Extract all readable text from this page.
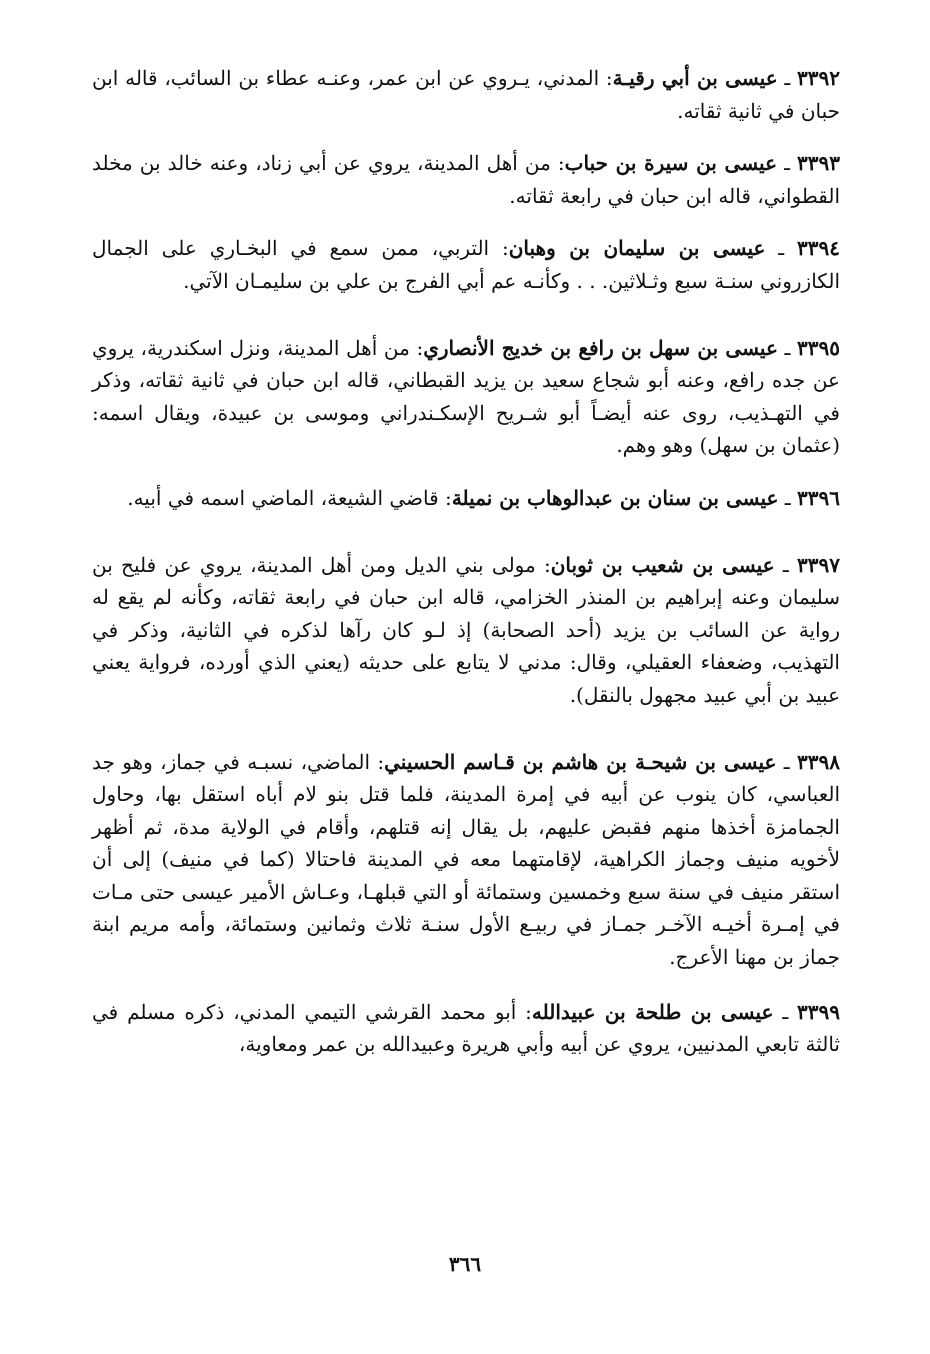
٣٣٩٢ ـ عيسى بن أبي رقيـة: المدني، يـروي عن ابن عمر، وعنـه عطاء بن السائب، قاله ابن حبان في ثانية ثقاته.

٣٣٩٣ ـ عيسى بن سيرة بن حباب: من أهل المدينة، يروي عن أبي زناد، وعنه خالد بن مخلد القطواني، قاله ابن حبان في رابعة ثقاته.

٣٣٩٤ ـ عيسى بن سليمان بن وهبان: التربي، ممن سمع في البخـاري على الجمال الكازروني سنـة سبع وثـلاثين. . . وكأنـه عم أبي الفرج بن علي بن سليمـان الآتي.

٣٣٩٥ ـ عيسى بن سهل بن رافع بن خديج الأنصاري: من أهل المدينة، ونزل اسكندرية، يروي عن جده رافع، وعنه أبو شجاع سعيد بن يزيد القبطاني، قاله ابن حبان في ثانية ثقاته، وذكر في التهـذيب، روى عنه أيضـاً أبو شـريح الإسكـندراني وموسى بن عبيدة، ويقال اسمه: (عثمان بن سهل) وهو وهم.

٣٣٩٦ ـ عيسى بن سنان بن عبدالوهاب بن نميلة: قاضي الشيعة، الماضي اسمه في أبيه.

٣٣٩٧ ـ عيسى بن شعيب بن ثوبان: مولى بني الديل ومن أهل المدينة، يروي عن فليح بن سليمان وعنه إبراهيم بن المنذر الخزامي، قاله ابن حبان في رابعة ثقاته، وكأنه لم يقع له رواية عن السائب بن يزيد (أحد الصحابة) إذ لـو كان رآها لذكره في الثانية، وذكر في التهذيب، وضعفاء العقيلي، وقال: مدني لا يتابع على حديثه (يعني الذي أورده، فرواية يعني عبيد بن أبي عبيد مجهول بالنقل).

٣٣٩٨ ـ عيسى بن شيحـة بن هاشم بن قـاسم الحسيني: الماضي، نسبـه في جماز، وهو جد العباسي، كان ينوب عن أبيه في إمرة المدينة، فلما قتل بنو لام أباه استقل بها، وحاول الجمامزة أخذها منهم فقبض عليهم، بل يقال إنه قتلهم، وأقام في الولاية مدة، ثم أظهر لأخويه منيف وجماز الكراهية، لإقامتهما معه في المدينة فاحتالا (كما في منيف) إلى أن استقر منيف في سنة سبع وخمسين وستمائة أو التي قبلهـا، وعـاش الأمير عيسى حتى مـات في إمـرة أخيـه الآخـر جمـاز في ربيـع الأول سنـة ثلاث وثمانين وستمائة، وأمه مريم ابنة جماز بن مهنا الأعرج.

٣٣٩٩ ـ عيسى بن طلحة بن عبيدالله: أبو محمد القرشي التيمي المدني، ذكره مسلم في ثالثة تابعي المدنيين، يروي عن أبيه وأبي هريرة وعبيدالله بن عمر ومعاوية،

٣٦٦
